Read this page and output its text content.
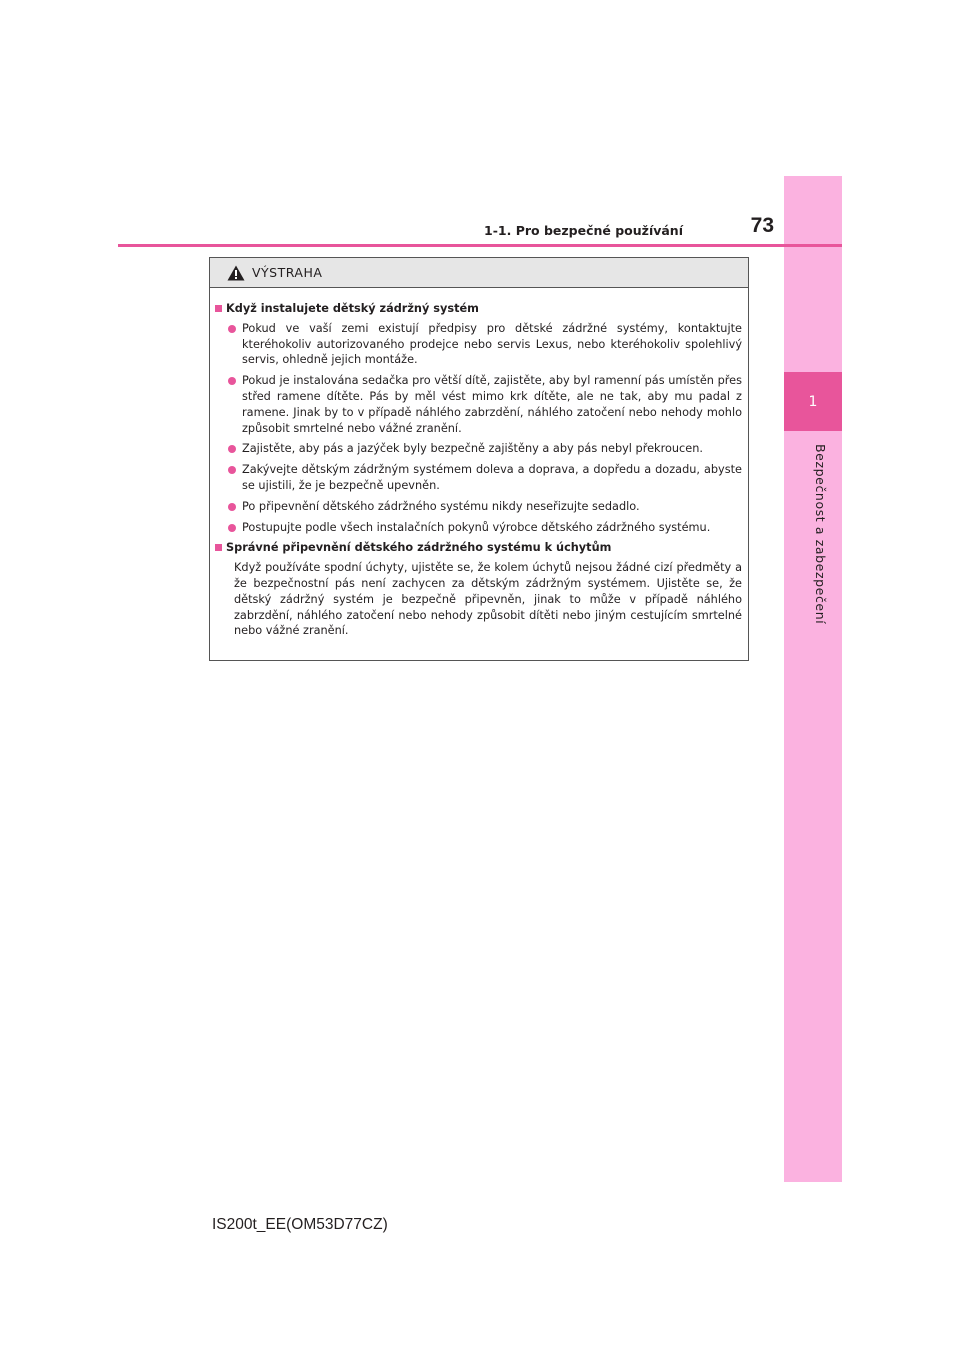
1
Bezpečnost a zabezpečení
73
1-1. Pro bezpečné používání
VÝSTRAHA
Když instalujete dětský zádržný systém
Pokud ve vaší zemi existují předpisy pro dětské zádržné systémy, kontaktujte kteréhokoliv autorizovaného prodejce nebo servis Lexus, nebo kteréhokoliv spolehlivý servis, ohledně jejich montáže.
Pokud je instalována sedačka pro větší dítě, zajistěte, aby byl ramenní pás umístěn přes střed ramene dítěte. Pás by měl vést mimo krk dítěte, ale ne tak, aby mu padal z ramene. Jinak by to v případě náhlého zabrzdění, náhlého zatočení nebo nehody mohlo způsobit smrtelné nebo vážné zranění.
Zajistěte, aby pás a jazýček byly bezpečně zajištěny a aby pás nebyl překroucen.
Zakývejte dětským zádržným systémem doleva a doprava, a dopředu a dozadu, abyste se ujistili, že je bezpečně upevněn.
Po připevnění dětského zádržného systému nikdy neseřizujte sedadlo.
Postupujte podle všech instalačních pokynů výrobce dětského zádržného systému.
Správné připevnění dětského zádržného systému k úchytům
Když používáte spodní úchyty, ujistěte se, že kolem úchytů nejsou žádné cizí předměty a že bezpečnostní pás není zachycen za dětským zádržným systémem. Ujistěte se, že dětský zádržný systém je bezpečně připevněn, jinak to může v případě náhlého zabrzdění, náhlého zatočení nebo nehody způsobit dítěti nebo jiným cestujícím smrtelné nebo vážné zranění.
IS200t_EE(OM53D77CZ)
